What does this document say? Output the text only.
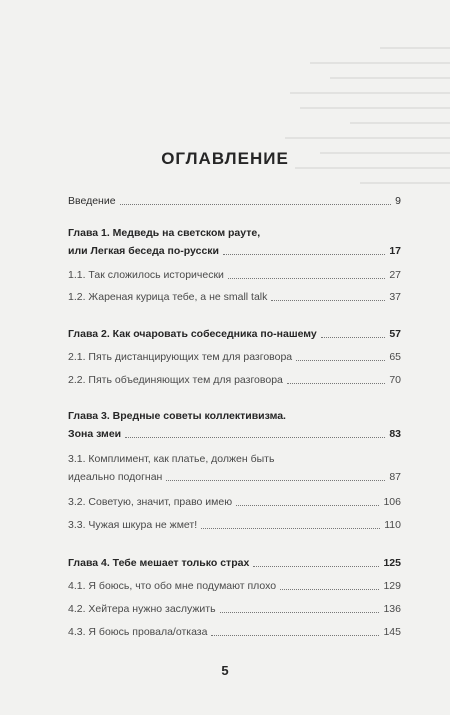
ОГЛАВЛЕНИЕ
Введение	9
Глава 1. Медведь на светском рауте,
или Легкая беседа по-русски	17
1.1. Так сложилось исторически	27
1.2. Жареная курица тебе, а не small talk	37
Глава 2. Как очаровать собеседника по-нашему	57
2.1. Пять дистанцирующих тем для разговора	65
2.2. Пять объединяющих тем для разговора	70
Глава 3. Вредные советы коллективизма.
Зона змеи	83
3.1. Комплимент, как платье, должен быть
идеально подогнан	87
3.2. Советую, значит, право имею	106
3.3. Чужая шкура не жмет!	110
Глава 4. Тебе мешает только страх	125
4.1. Я боюсь, что обо мне подумают плохо	129
4.2. Хейтера нужно заслужить	136
4.3. Я боюсь провала/отказа	145
5
